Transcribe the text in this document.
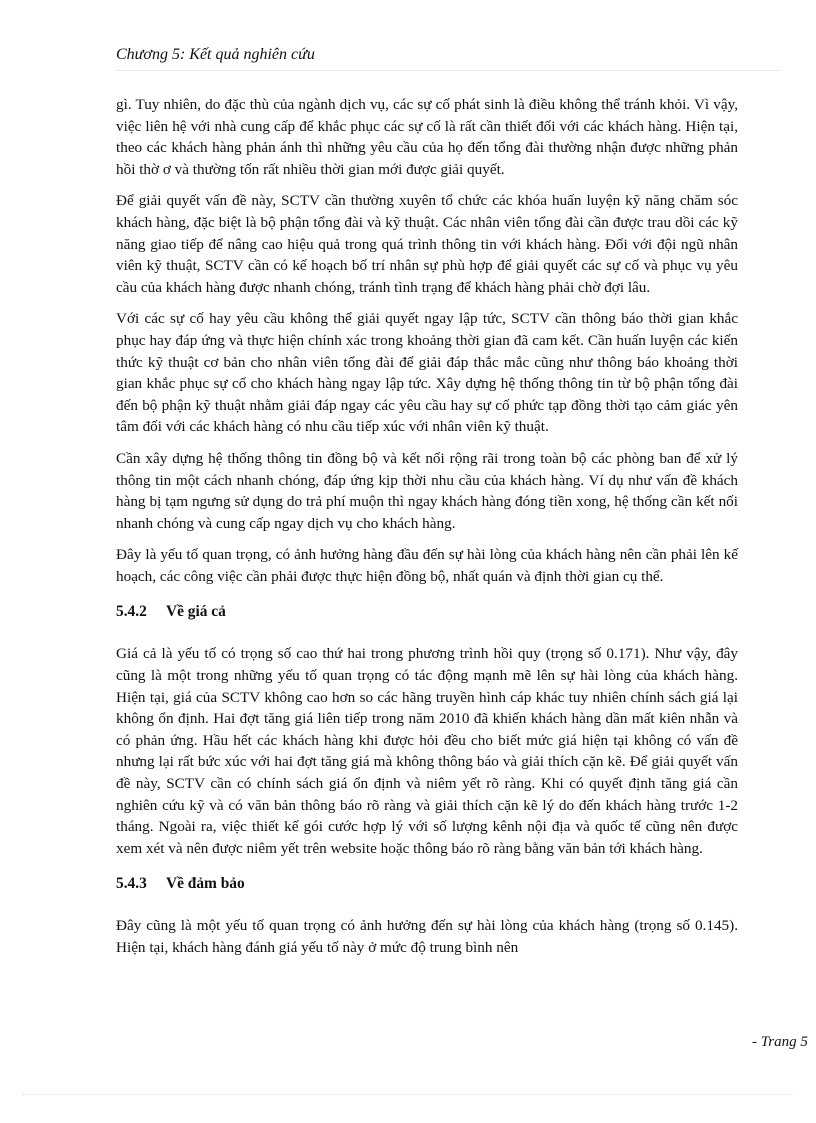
Chương 5: Kết quả nghiên cứu

gì. Tuy nhiên, do đặc thù của ngành dịch vụ, các sự cố phát sinh là điều không thể tránh khỏi. Vì vậy, việc liên hệ với nhà cung cấp để khắc phục các sự cố là rất cần thiết đối với các khách hàng. Hiện tại, theo các khách hàng phản ánh thì những yêu cầu của họ đến tổng đài thường nhận được những phản hồi thờ ơ và thường tốn rất nhiều thời gian mới được giải quyết.

Để giải quyết vấn đề này, SCTV cần thường xuyên tổ chức các khóa huấn luyện kỹ năng chăm sóc khách hàng, đặc biệt là bộ phận tổng đài và kỹ thuật. Các nhân viên tổng đài cần được trau dồi các kỹ năng giao tiếp để nâng cao hiệu quả trong quá trình thông tin với khách hàng. Đối với đội ngũ nhân viên kỹ thuật, SCTV cần có kế hoạch bố trí nhân sự phù hợp để giải quyết các sự cố và phục vụ yêu cầu của khách hàng được nhanh chóng, tránh tình trạng để khách hàng phải chờ đợi lâu.

Với các sự cố hay yêu cầu không thể giải quyết ngay lập tức, SCTV cần thông báo thời gian khắc phục hay đáp ứng và thực hiện chính xác trong khoảng thời gian đã cam kết. Cần huấn luyện các kiến thức kỹ thuật cơ bản cho nhân viên tổng đài để giải đáp thắc mắc cũng như thông báo khoảng thời gian khắc phục sự cố cho khách hàng ngay lập tức. Xây dựng hệ thống thông tin từ bộ phận tổng đài đến bộ phận kỹ thuật nhằm giải đáp ngay các yêu cầu hay sự cố phức tạp đồng thời tạo cảm giác yên tâm đối với các khách hàng có nhu cầu tiếp xúc với nhân viên kỹ thuật.

Cần xây dựng hệ thống thông tin đồng bộ và kết nối rộng rãi trong toàn bộ các phòng ban để xử lý thông tin một cách nhanh chóng, đáp ứng kịp thời nhu cầu của khách hàng. Ví dụ như vấn đề khách hàng bị tạm ngưng sử dụng do trả phí muộn thì ngay khách hàng đóng tiền xong, hệ thống cần kết nối nhanh chóng và cung cấp ngay dịch vụ cho khách hàng.

Đây là yếu tố quan trọng, có ảnh hưởng hàng đầu đến sự hài lòng của khách hàng nên cần phải lên kế hoạch, các công việc cần phải được thực hiện đồng bộ, nhất quán và định thời gian cụ thể.

5.4.2 Về giá cả

Giá cả là yếu tố có trọng số cao thứ hai trong phương trình hồi quy (trọng số 0.171). Như vậy, đây cũng là một trong những yếu tố quan trọng có tác động mạnh mẽ lên sự hài lòng của khách hàng. Hiện tại, giá của SCTV không cao hơn so các hãng truyền hình cáp khác tuy nhiên chính sách giá lại không ổn định. Hai đợt tăng giá liên tiếp trong năm 2010 đã khiến khách hàng dần mất kiên nhẫn và có phản ứng. Hầu hết các khách hàng khi được hỏi đều cho biết mức giá hiện tại không có vấn đề nhưng lại rất bức xúc với hai đợt tăng giá mà không thông báo và giải thích cặn kẽ. Để giải quyết vấn đề này, SCTV cần có chính sách giá ổn định và niêm yết rõ ràng. Khi có quyết định tăng giá cần nghiên cứu kỹ và có văn bản thông báo rõ ràng và giải thích cặn kẽ lý do đến khách hàng trước 1-2 tháng. Ngoài ra, việc thiết kế gói cước hợp lý với số lượng kênh nội địa và quốc tế cũng nên được xem xét và nên được niêm yết trên website hoặc thông báo rõ ràng bằng văn bản tới khách hàng.

5.4.3 Về đảm bảo

Đây cũng là một yếu tố quan trọng có ảnh hưởng đến sự hài lòng của khách hàng (trọng số 0.145). Hiện tại, khách hàng đánh giá yếu tố này ở mức độ trung bình nên

- Trang 5
